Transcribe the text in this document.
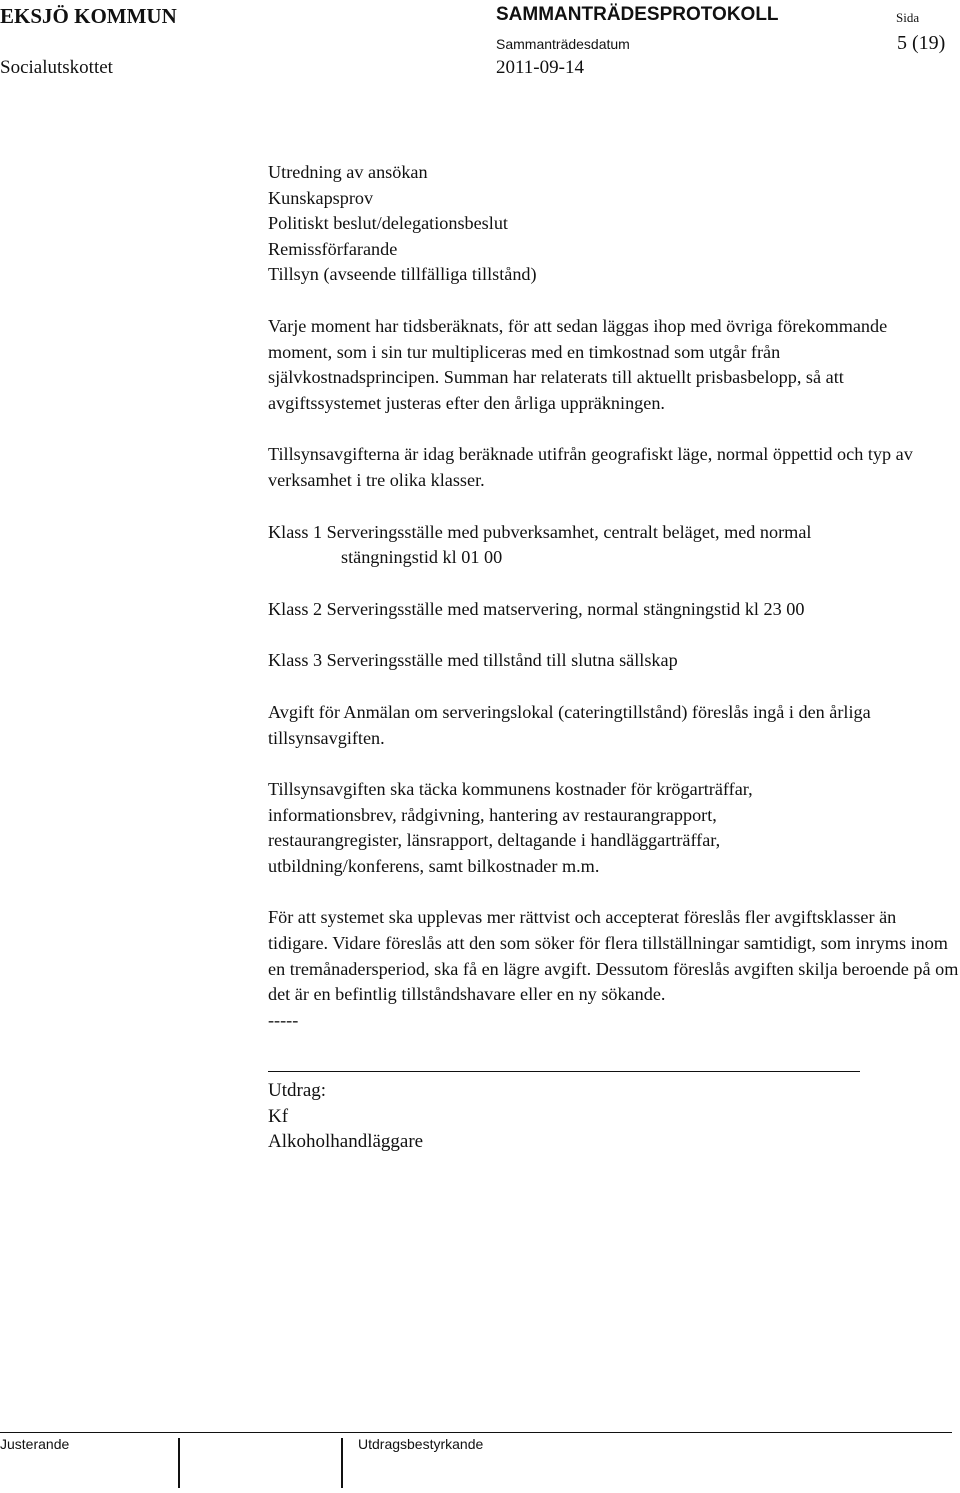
EKSJÖ KOMMUN	SAMMANTRÄDESPROTOKOLL	Sida
Sammanträdesdatum	5 (19)
Socialutskottet	2011-09-14
Utredning av ansökan
Kunskapsprov
Politiskt beslut/delegationsbeslut
Remissförfarande
Tillsyn (avseende tillfälliga tillstånd)

Varje moment har tidsberäknats, för att sedan läggas ihop med övriga förekommande moment, som i sin tur multipliceras med en timkostnad som utgår från självkostnadsprincipen. Summan har relaterats till aktuellt prisbasbelopp, så att avgiftssystemet justeras efter den årliga uppräkningen.

Tillsynsavgifterna är idag beräknade utifrån geografiskt läge, normal öppettid och typ av verksamhet i tre olika klasser.

Klass 1 Serveringsställe med pubverksamhet, centralt beläget, med normal

stängningstid kl 01 00

Klass 2 Serveringsställe med matservering, normal stängningstid kl 23 00

Klass 3 Serveringsställe med tillstånd till slutna sällskap

Avgift för Anmälan om serveringslokal (cateringtillstånd) föreslås ingå i den årliga tillsynsavgiften.

Tillsynsavgiften ska täcka kommunens kostnader för krögarträffar, informationsbrev, rådgivning, hantering av restaurangrapport, restaurangregister, länsrapport, deltagande i handläggarträffar, utbildning/konferens, samt bilkostnader m.m.

För att systemet ska upplevas mer rättvist och accepterat föreslås fler avgiftsklasser än tidigare. Vidare föreslås att den som söker för flera tillställningar samtidigt, som inryms inom en tremånadersperiod, ska få en lägre avgift. Dessutom föreslås avgiften skilja beroende på om det är en befintlig tillståndshavare eller en ny sökande.

-----

Utdrag:
Kf
Alkoholhandläggare
Justerande	Utdragsbestyrkande
